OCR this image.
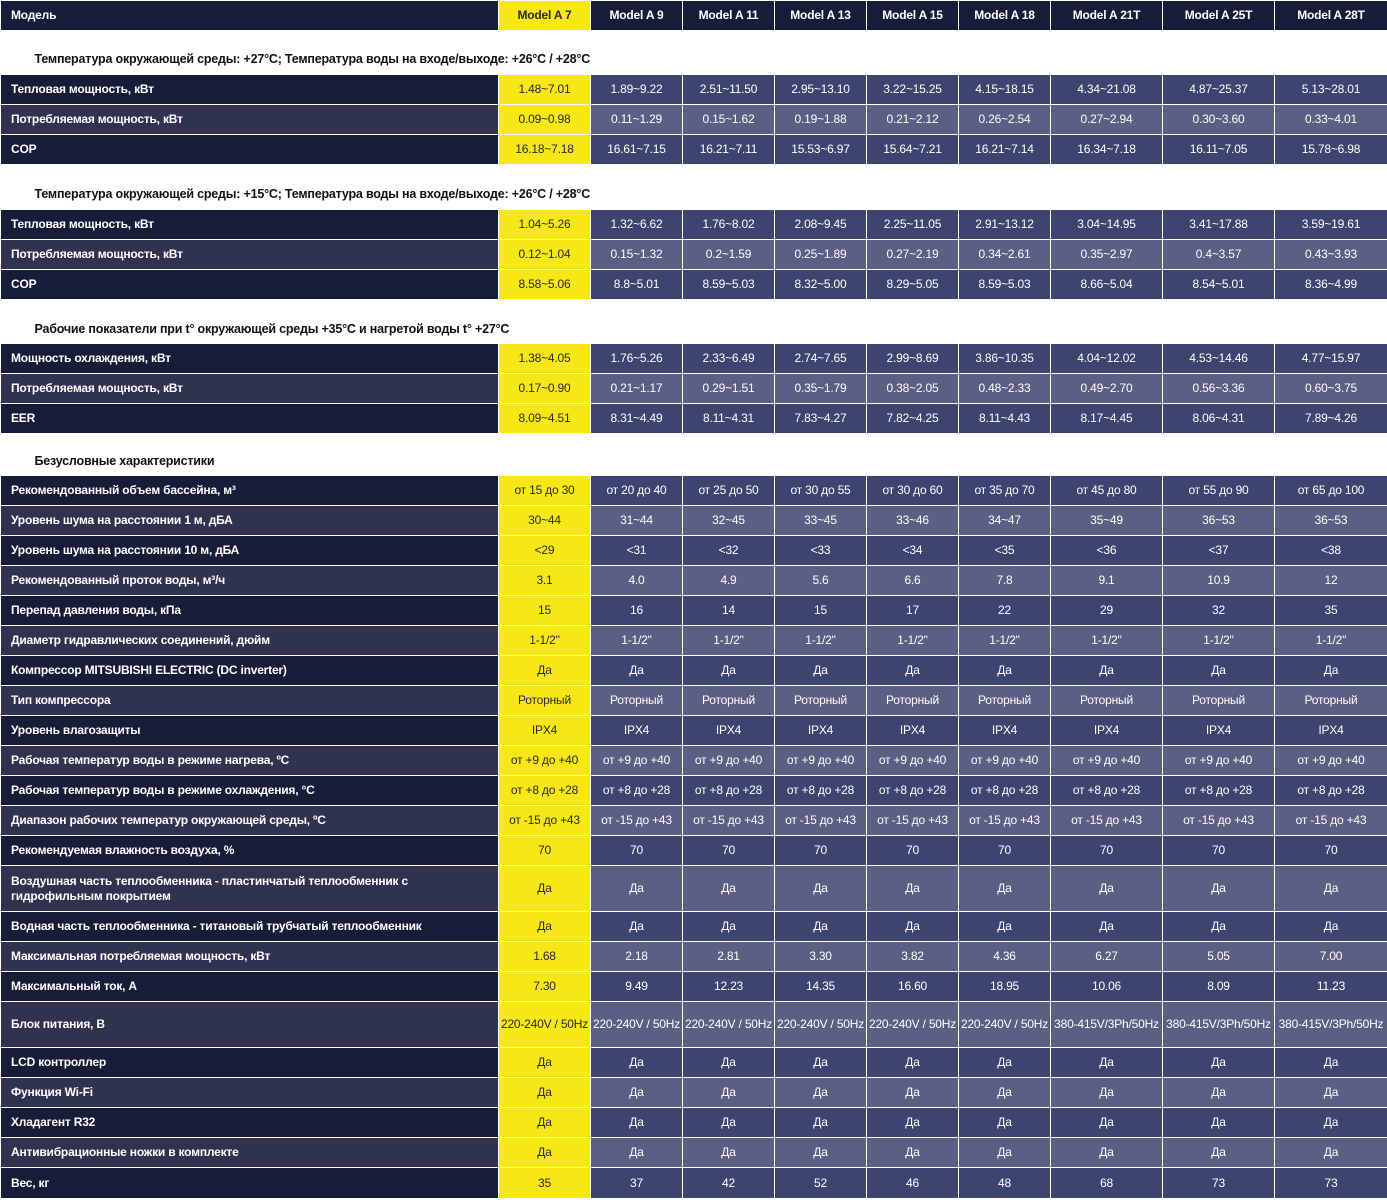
Модель	Model A 7	Model A 9	Model A 11	Model A 13	Model A 15	Model A 18	Model A 21T	Model A 25T	Model A 28T

Температура окружающей среды: +27°С; Температура воды на входе/выходе: +26°С / +28°С									
Тепловая мощность, кВт	1.48~7.01	1.89~9.22	2.51~11.50	2.95~13.10	3.22~15.25	4.15~18.15	4.34~21.08	4.87~25.37	5.13~28.01
Потребляемая мощность, кВт	0.09~0.98	0.11~1.29	0.15~1.62	0.19~1.88	0.21~2.12	0.26~2.54	0.27~2.94	0.30~3.60	0.33~4.01
COP	16.18~7.18	16.61~7.15	16.21~7.11	15.53~6.97	15.64~7.21	16.21~7.14	16.34~7.18	16.11~7.05	15.78~6.98

Температура окружающей среды: +15°С; Температура воды на входе/выходе: +26°С / +28°С									
Тепловая мощность, кВт	1.04~5.26	1.32~6.62	1.76~8.02	2.08~9.45	2.25~11.05	2.91~13.12	3.04~14.95	3.41~17.88	3.59~19.61
Потребляемая мощность, кВт	0.12~1.04	0.15~1.32	0.2~1.59	0.25~1.89	0.27~2.19	0.34~2.61	0.35~2.97	0.4~3.57	0.43~3.93
COP	8.58~5.06	8.8~5.01	8.59~5.03	8.32~5.00	8.29~5.05	8.59~5.03	8.66~5.04	8.54~5.01	8.36~4.99

Рабочие показатели при t° окружающей среды +35°С и нагретой воды t° +27°С									
Мощность охлаждения, кВт	1.38~4.05	1.76~5.26	2.33~6.49	2.74~7.65	2.99~8.69	3.86~10.35	4.04~12.02	4.53~14.46	4.77~15.97
Потребляемая мощность, кВт	0.17~0.90	0.21~1.17	0.29~1.51	0.35~1.79	0.38~2.05	0.48~2.33	0.49~2.70	0.56~3.36	0.60~3.75
EER	8.09~4.51	8.31~4.49	8.11~4.31	7.83~4.27	7.82~4.25	8.11~4.43	8.17~4.45	8.06~4.31	7.89~4.26

Безусловные характеристики									
Рекомендованный объем бассейна, м³	от 15 до 30	от 20 до 40	от 25 до 50	от 30 до 55	от 30 до 60	от 35 до 70	от 45 до 80	от 55 до 90	от 65 до 100
Уровень шума на расстоянии 1 м, дБА	30~44	31~44	32~45	33~45	33~46	34~47	35~49	36~53	36~53
Уровень шума на расстоянии 10 м, дБА	<29	<31	<32	<33	<34	<35	<36	<37	<38
Рекомендованный проток воды, м³/ч	3.1	4.0	4.9	5.6	6.6	7.8	9.1	10.9	12
Перепад давления воды, кПа	15	16	14	15	17	22	29	32	35
Диаметр гидравлических соединений, дюйм	1-1/2"	1-1/2"	1-1/2"	1-1/2"	1-1/2"	1-1/2"	1-1/2"	1-1/2"	1-1/2"
Компрессор MITSUBISHI ELECTRIC (DC inverter)	Да	Да	Да	Да	Да	Да	Да	Да	Да
Тип компрессора	Роторный	Роторный	Роторный	Роторный	Роторный	Роторный	Роторный	Роторный	Роторный
Уровень влагозащиты	IPX4	IPX4	IPX4	IPX4	IPX4	IPX4	IPX4	IPX4	IPX4
Рабочая температур воды в режиме нагрева, ºС	от +9 до +40	от +9 до +40	от +9 до +40	от +9 до +40	от +9 до +40	от +9 до +40	от +9 до +40	от +9 до +40	от +9 до +40
Рабочая температур воды в режиме охлаждения, °С	от +8 до +28	от +8 до +28	от +8 до +28	от +8 до +28	от +8 до +28	от +8 до +28	от +8 до +28	от +8 до +28	от +8 до +28
Диапазон рабочих температур окружающей среды, ºС	от -15 до +43	от -15 до +43	от -15 до +43	от -15 до +43	от -15 до +43	от -15 до +43	от -15 до +43	от -15 до +43	от -15 до +43
Рекомендуемая влажность воздуха, %	70	70	70	70	70	70	70	70	70
Воздушная часть теплообменника - пластинчатый теплообменник с гидрофильным покрытием	Да	Да	Да	Да	Да	Да	Да	Да	Да
Водная часть теплообменника - титановый трубчатый теплообменник	Да	Да	Да	Да	Да	Да	Да	Да	Да
Максимальная потребляемая мощность, кВт	1.68	2.18	2.81	3.30	3.82	4.36	6.27	5.05	7.00
Максимальный ток, А	7.30	9.49	12.23	14.35	16.60	18.95	10.06	8.09	11.23
Блок питания, В	220-240V / 50Hz	220-240V / 50Hz	220-240V / 50Hz	220-240V / 50Hz	220-240V / 50Hz	220-240V / 50Hz	380-415V/3Ph/50Hz	380-415V/3Ph/50Hz	380-415V/3Ph/50Hz
LCD контроллер	Да	Да	Да	Да	Да	Да	Да	Да	Да
Функция Wi-Fi	Да	Да	Да	Да	Да	Да	Да	Да	Да
Хладагент R32	Да	Да	Да	Да	Да	Да	Да	Да	Да
Антивибрационные ножки в комплекте	Да	Да	Да	Да	Да	Да	Да	Да	Да
Вес, кг	35	37	42	52	46	48	68	73	73
